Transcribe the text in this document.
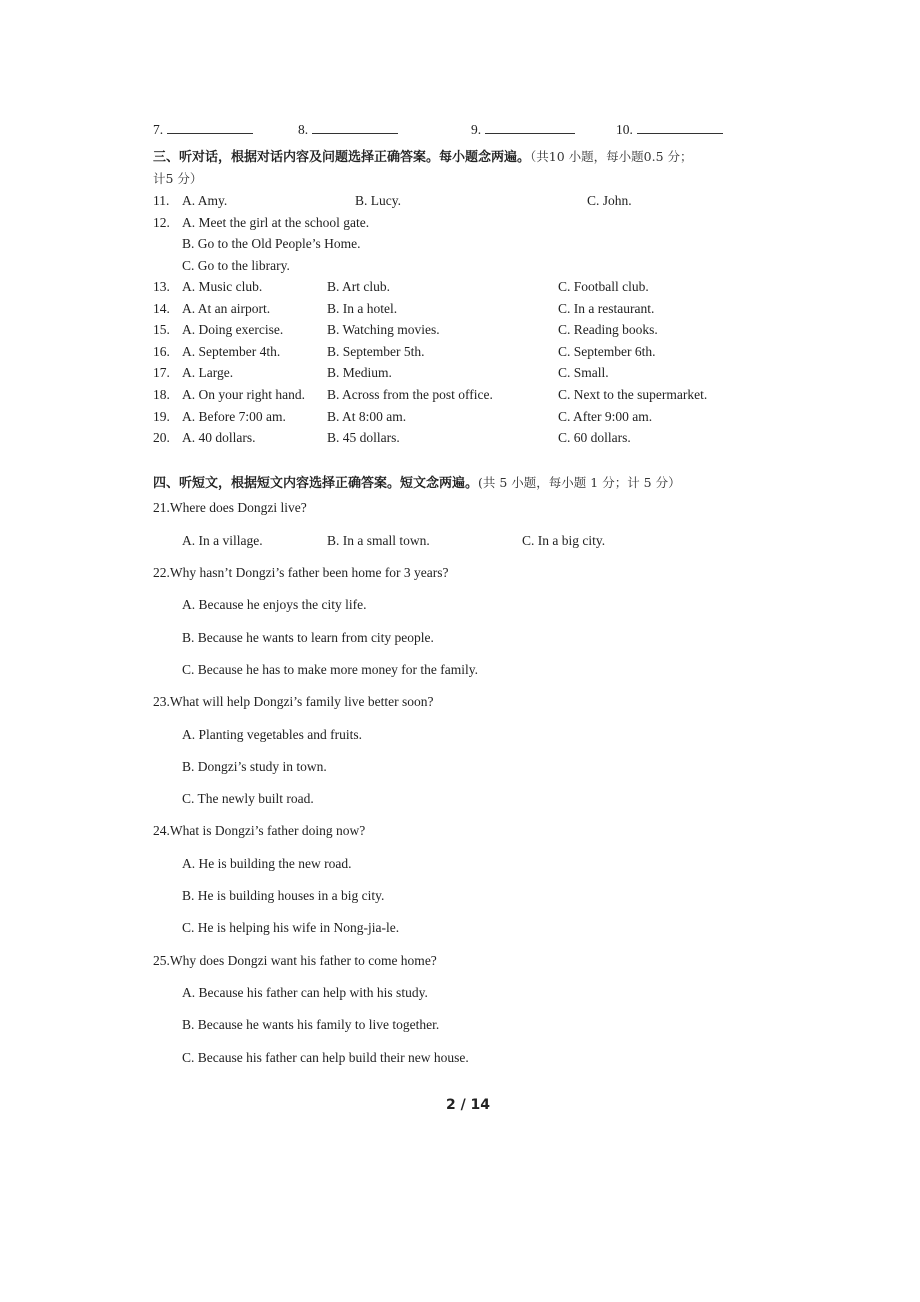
7.	8.	9.	10.
三、听对话，根据对话内容及问题选择正确答案。每小题念两遍。（共10 小题，每小题0.5 分；
计5 分）
11. A. Amy.	B. Lucy.	C. John.
12. A. Meet the girl at the school gate.
B. Go to the Old People’s Home.
C. Go to the library.
13. A. Music club.	B. Art club.	C. Football club.
14. A. At an airport.	B. In a hotel.	C. In a restaurant.
15. A. Doing exercise.	B. Watching movies.	C. Reading books.
16. A. September 4th.	B. September 5th.	C. September 6th.
17. A. Large.	B. Medium.	C. Small.
18. A. On your right hand. B. Across from the post office.	C. Next to the supermarket.
19. A. Before 7:00 am.	B. At 8:00 am.	C. After 9:00 am.
20. A. 40 dollars.	B. 45 dollars.	C. 60 dollars.
四、听短文，根据短文内容选择正确答案。短文念两遍。(共 5 小题，每小题 1 分；计 5 分）
21.Where does Dongzi live?
A. In a village.	B. In a small town.	C. In a big city.
22.Why hasn’t Dongzi’s father been home for 3 years?
A. Because he enjoys the city life.
B. Because he wants to learn from city people.
C. Because he has to make more money for the family.
23.What will help Dongzi’s family live better soon?
A. Planting vegetables and fruits.
B. Dongzi’s study in town.
C. The newly built road.
24.What is Dongzi’s father doing now?
A. He is building the new road.
B. He is building houses in a big city.
C. He is helping his wife in Nong-jia-le.
25.Why does Dongzi want his father to come home?
A. Because his father can help with his study.
B. Because he wants his family to live together.
C. Because his father can help build their new house.
2 / 14
